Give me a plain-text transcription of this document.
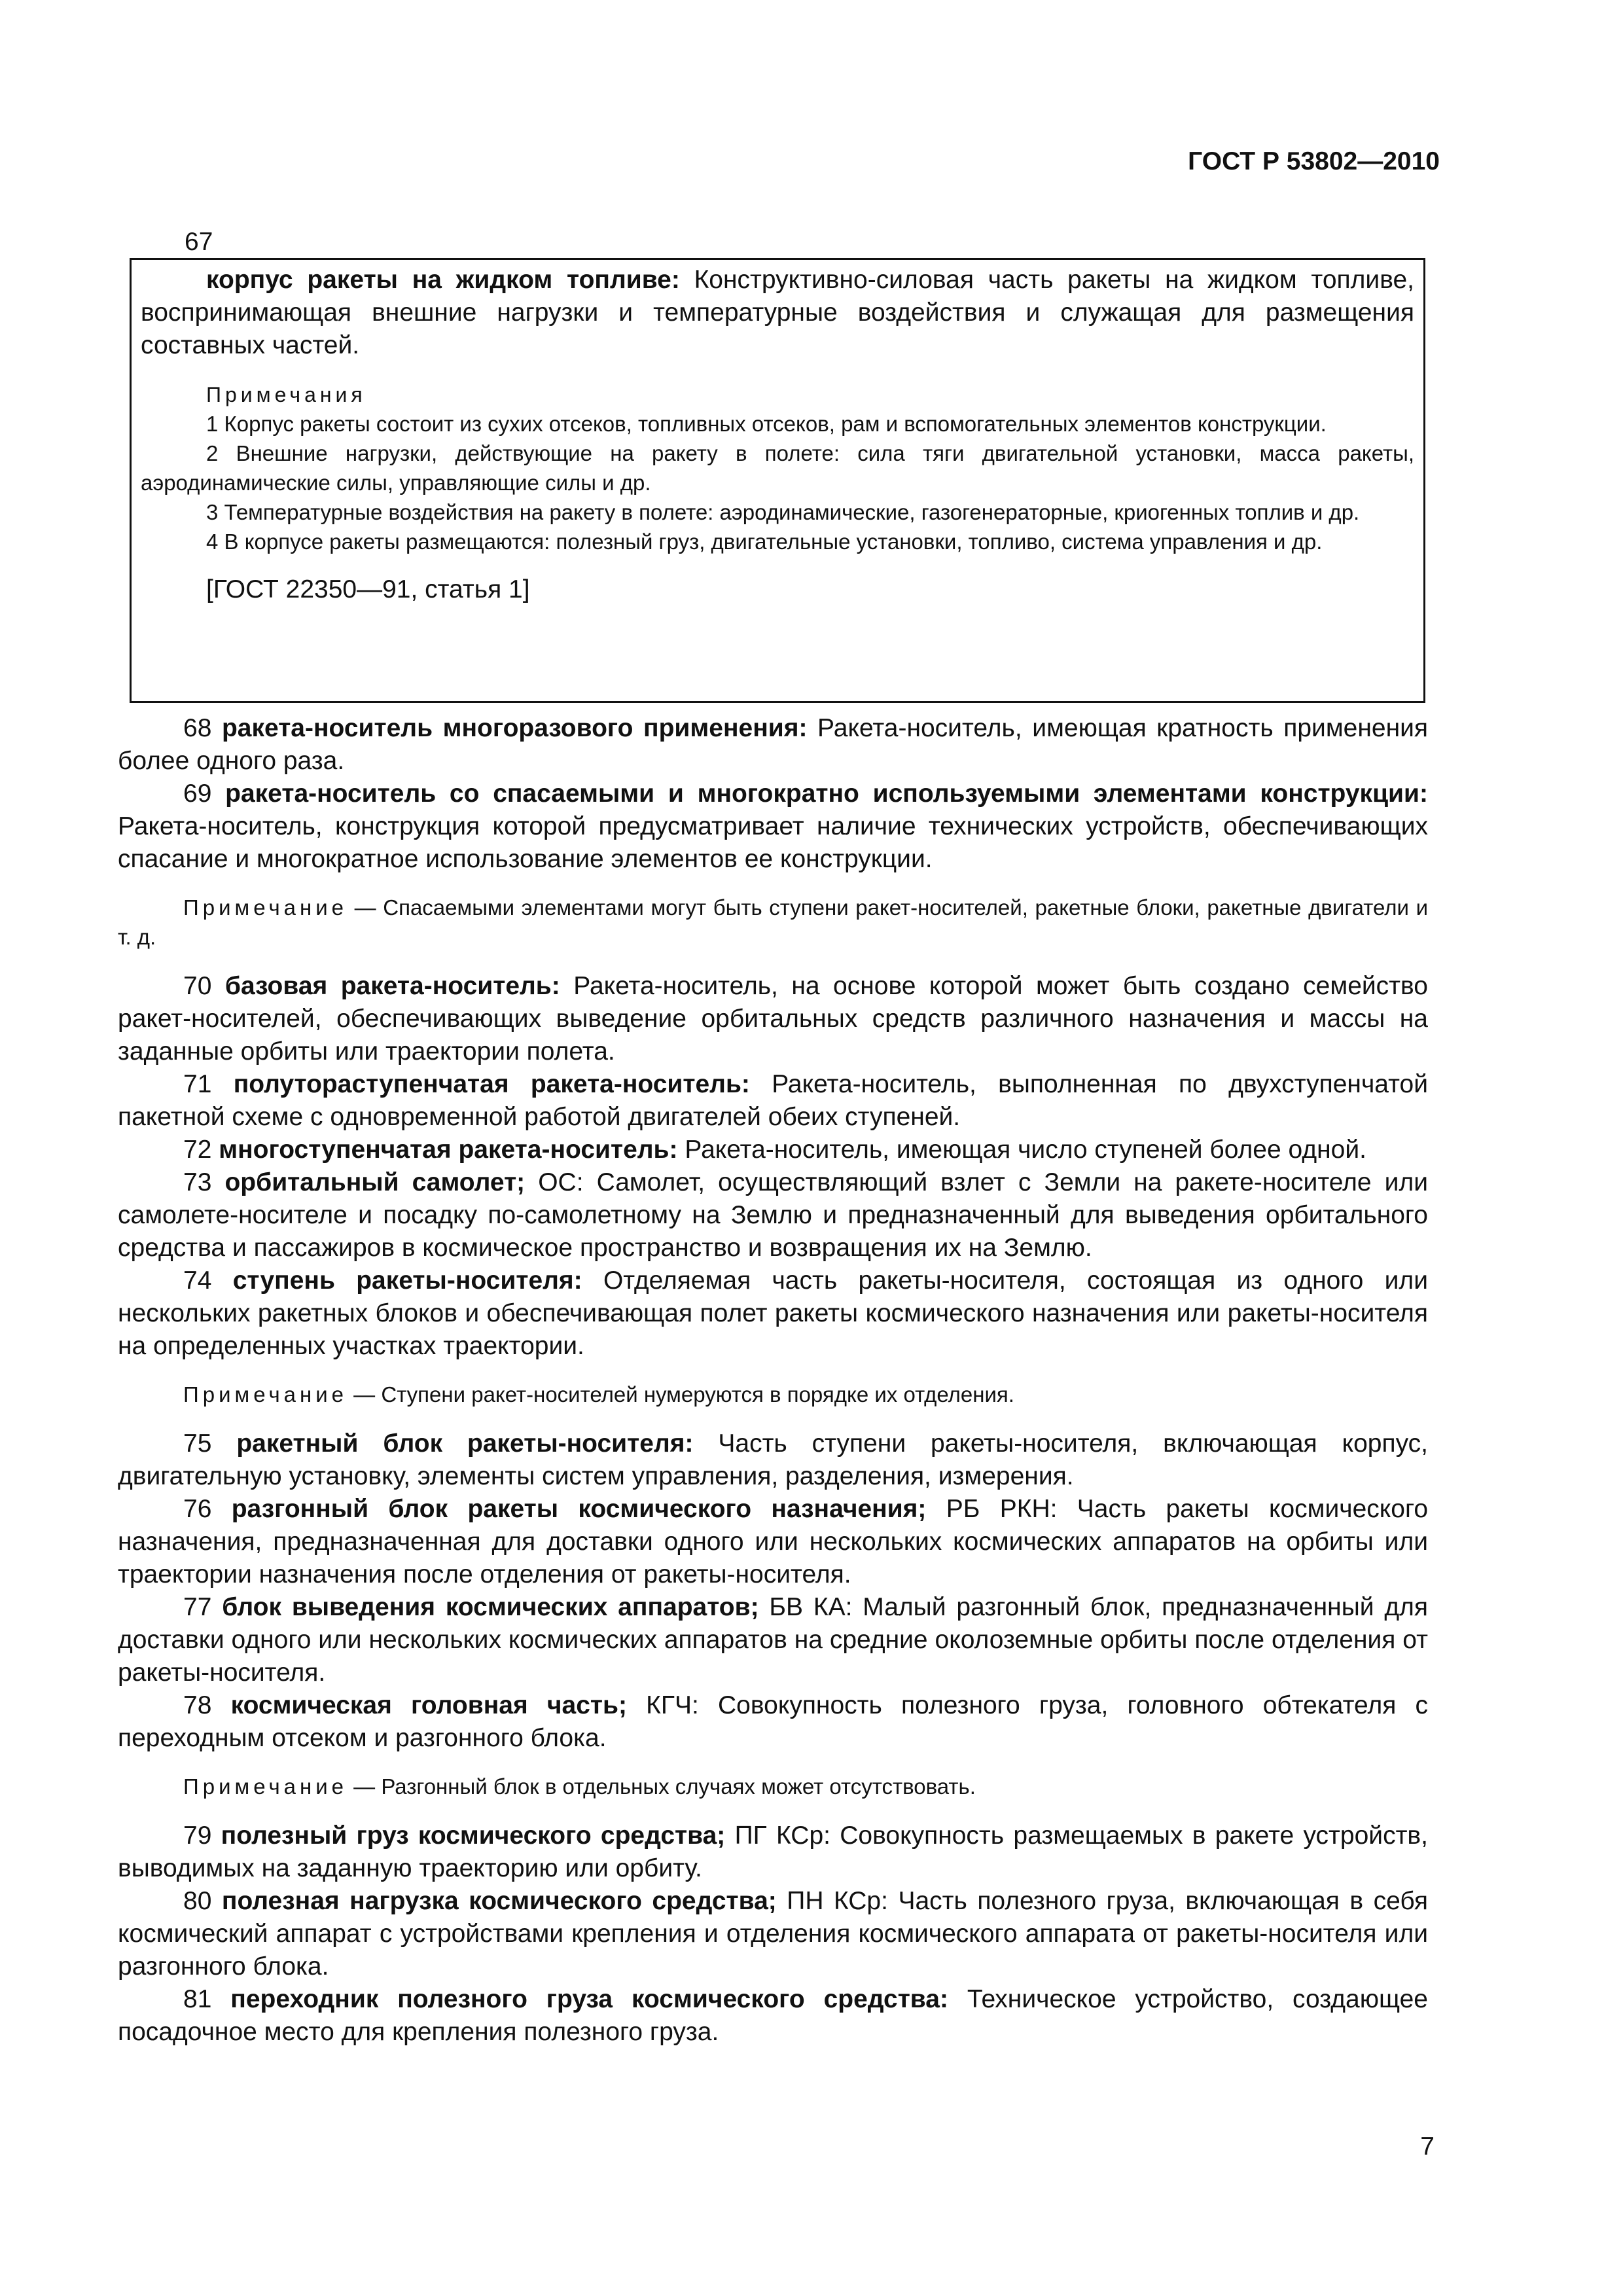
ГОСТ Р 53802—2010
67

корпус ракеты на жидком топливе: Конструктивно-силовая часть ракеты на жидком топливе, воспринимающая внешние нагрузки и температурные воздействия и служащая для размещения составных частей.

Примечания

1 Корпус ракеты состоит из сухих отсеков, топливных отсеков, рам и вспомогательных элементов конструкции.

2 Внешние нагрузки, действующие на ракету в полете: сила тяги двигательной установки, масса ракеты, аэродинамические силы, управляющие силы и др.

3 Температурные воздействия на ракету в полете: аэродинамические, газогенераторные, криогенных топлив и др.

4 В корпусе ракеты размещаются: полезный груз, двигательные установки, топливо, система управления и др.

[ГОСТ 22350—91, статья 1]

68 ракета-носитель многоразового применения: Ракета-носитель, имеющая кратность применения более одного раза.

69 ракета-носитель со спасаемыми и многократно используемыми элементами конструкции: Ракета-носитель, конструкция которой предусматривает наличие технических устройств, обеспечивающих спасание и многократное использование элементов ее конструкции.

Примечание — Спасаемыми элементами могут быть ступени ракет-носителей, ракетные блоки, ракетные двигатели и т. д.

70 базовая ракета-носитель: Ракета-носитель, на основе которой может быть создано семейство ракет-носителей, обеспечивающих выведение орбитальных средств различного назначения и массы на заданные орбиты или траектории полета.

71 полутораступенчатая ракета-носитель: Ракета-носитель, выполненная по двухступенчатой пакетной схеме с одновременной работой двигателей обеих ступеней.

72 многоступенчатая ракета-носитель: Ракета-носитель, имеющая число ступеней более одной.

73 орбитальный самолет; ОС: Самолет, осуществляющий взлет с Земли на ракете-носителе или самолете-носителе и посадку по-самолетному на Землю и предназначенный для выведения орбитального средства и пассажиров в космическое пространство и возвращения их на Землю.

74 ступень ракеты-носителя: Отделяемая часть ракеты-носителя, состоящая из одного или нескольких ракетных блоков и обеспечивающая полет ракеты космического назначения или ракеты-носителя на определенных участках траектории.

Примечание — Ступени ракет-носителей нумеруются в порядке их отделения.

75 ракетный блок ракеты-носителя: Часть ступени ракеты-носителя, включающая корпус, двигательную установку, элементы систем управления, разделения, измерения.

76 разгонный блок ракеты космического назначения; РБ РКН: Часть ракеты космического назначения, предназначенная для доставки одного или нескольких космических аппаратов на орбиты или траектории назначения после отделения от ракеты-носителя.

77 блок выведения космических аппаратов; БВ КА: Малый разгонный блок, предназначенный для доставки одного или нескольких космических аппаратов на средние околоземные орбиты после отделения от ракеты-носителя.

78 космическая головная часть; КГЧ: Совокупность полезного груза, головного обтекателя с переходным отсеком и разгонного блока.

Примечание — Разгонный блок в отдельных случаях может отсутствовать.

79 полезный груз космического средства; ПГ КСр: Совокупность размещаемых в ракете устройств, выводимых на заданную траекторию или орбиту.

80 полезная нагрузка космического средства; ПН КСр: Часть полезного груза, включающая в себя космический аппарат с устройствами крепления и отделения космического аппарата от ракеты-носителя или разгонного блока.

81 переходник полезного груза космического средства: Техническое устройство, создающее посадочное место для крепления полезного груза.

7
